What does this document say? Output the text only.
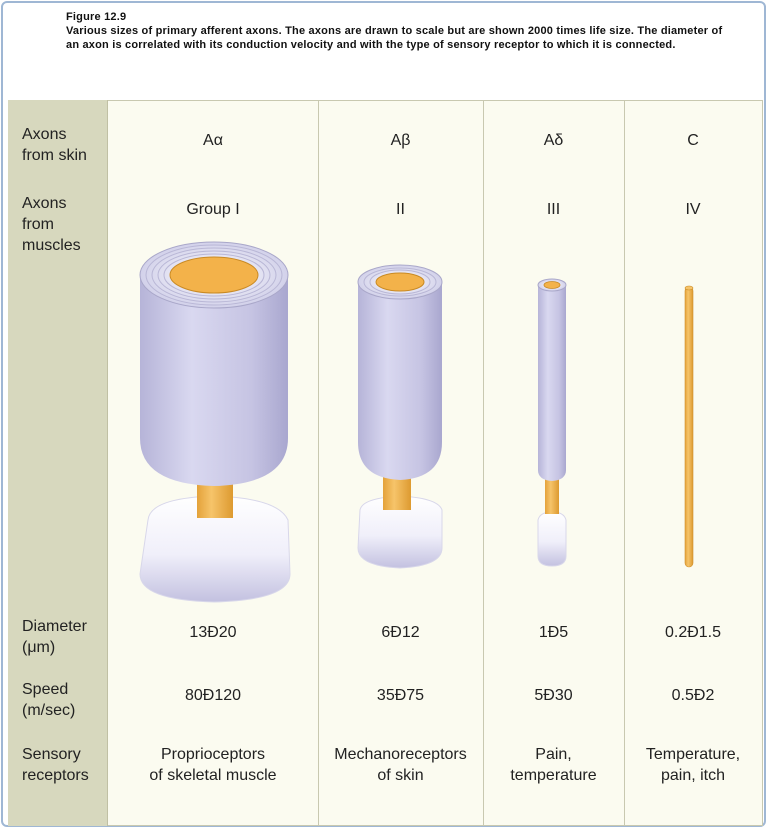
Figure 12.9
Various sizes of primary afferent axons. The axons are drawn to scale but are shown 2000 times life size. The diameter of an axon is correlated with its conduction velocity and with the type of sensory receptor to which it is connected.
Axons
from skin
Axons
from
muscles
Diameter
(μm)
Speed
(m/sec)
Sensory
receptors
Aα
Group I
13Ð20
80Ð120
Proprioceptors
of skeletal muscle
Aβ
II
6Ð12
35Ð75
Mechanoreceptors
of skin
Aδ
III
1Ð5
5Ð30
Pain,
temperature
C
IV
0.2Ð1.5
0.5Ð2
Temperature,
pain, itch
